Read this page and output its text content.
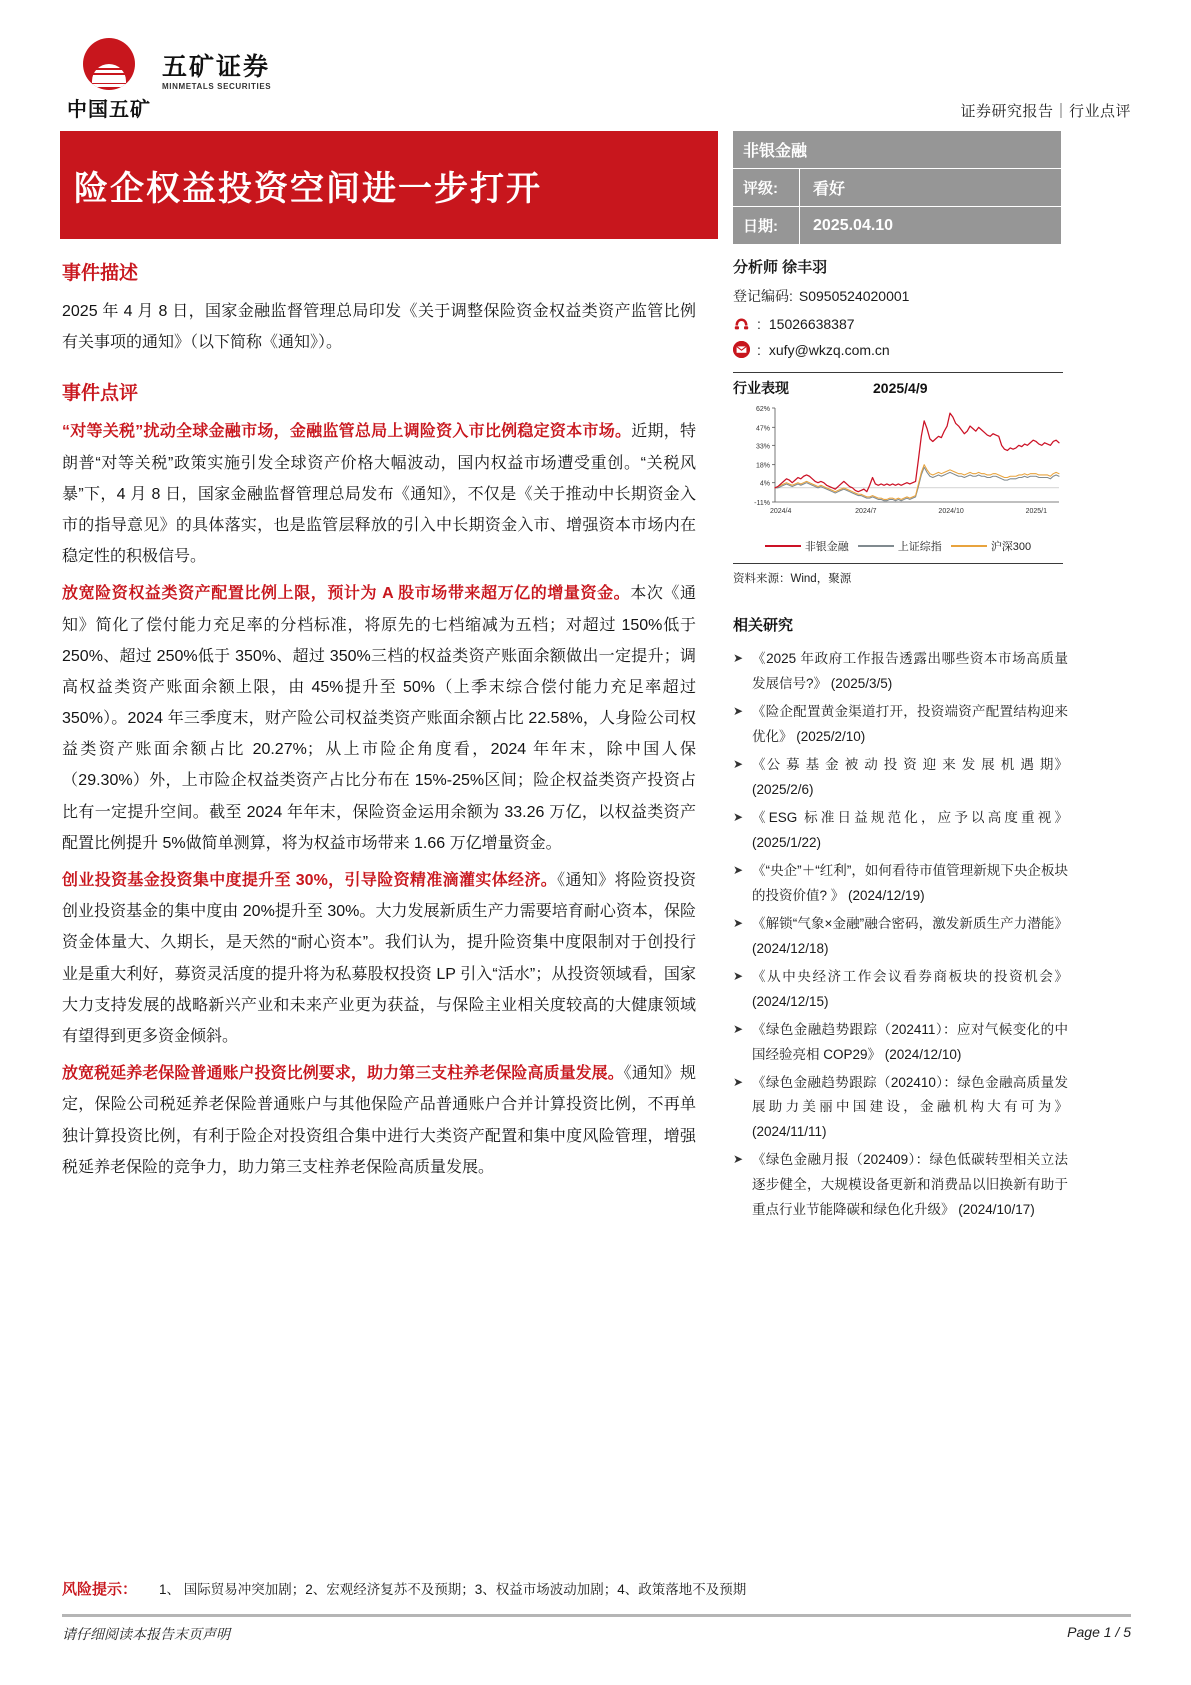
中国五矿
五矿证券
MINMETALS SECURITIES
证券研究报告｜行业点评
险企权益投资空间进一步打开
非银金融
评级:	看好
日期:	2025.04.10
分析师 徐丰羽
登记编码: S0950524020001
: 15026638387
: xufy@wkzq.com.cn
行业表现	2025/4/9
62%
47%
33%
18%
4%
-11%
2024/4	2024/7	2024/10	2025/1
非银金融	上证综指	沪深300
资料来源：Wind，聚源
相关研究
➤ 《2025 年政府工作报告透露出哪些资本市场高质量发展信号?》 (2025/3/5)
➤ 《险企配置黄金渠道打开，投资端资产配置结构迎来优化》 (2025/2/10)
➤ 《公 募 基 金 被 动 投 资 迎 来 发 展 机 遇 期》 (2025/2/6)
➤ 《ESG 标准日益规范化，应予以高度重视》 (2025/1/22)
➤ 《“央企”＋“红利”，如何看待市值管理新规下央企板块的投资价值? 》 (2024/12/19)
➤ 《解锁“气象×金融”融合密码，激发新质生产力潜能》 (2024/12/18)
➤ 《从中央经济工作会议看券商板块的投资机会》 (2024/12/15)
➤ 《绿色金融趋势跟踪（202411）：应对气候变化的中国经验亮相 COP29》 (2024/12/10)
➤ 《绿色金融趋势跟踪（202410）：绿色金融高质量发展助力美丽中国建设，金融机构大有可为》 (2024/11/11)
➤ 《绿色金融月报（202409）：绿色低碳转型相关立法逐步健全，大规模设备更新和消费品以旧换新有助于重点行业节能降碳和绿色化升级》 (2024/10/17)
事件描述

2025 年 4 月 8 日，国家金融监督管理总局印发《关于调整保险资金权益类资产监管比例有关事项的通知》（以下简称《通知》）。

事件点评

“对等关税”扰动全球金融市场，金融监管总局上调险资入市比例稳定资本市场。近期，特朗普“对等关税”政策实施引发全球资产价格大幅波动，国内权益市场遭受重创。“关税风暴”下，4 月 8 日，国家金融监督管理总局发布《通知》，不仅是《关于推动中长期资金入市的指导意见》的具体落实，也是监管层释放的引入中长期资金入市、增强资本市场内在稳定性的积极信号。

放宽险资权益类资产配置比例上限，预计为 A 股市场带来超万亿的增量资金。本次《通知》简化了偿付能力充足率的分档标准，将原先的七档缩减为五档；对超过 150%低于 250%、超过 250%低于 350%、超过 350%三档的权益类资产账面余额做出一定提升；调高权益类资产账面余额上限，由 45%提升至 50%（上季末综合偿付能力充足率超过 350%）。2024 年三季度末，财产险公司权益类资产账面余额占比 22.58%，人身险公司权益类资产账面余额占比 20.27%；从上市险企角度看，2024 年年末，除中国人保（29.30%）外，上市险企权益类资产占比分布在 15%-25%区间；险企权益类资产投资占比有一定提升空间。截至 2024 年年末，保险资金运用余额为 33.26 万亿，以权益类资产配置比例提升 5%做简单测算，将为权益市场带来 1.66 万亿增量资金。

创业投资基金投资集中度提升至 30%，引导险资精准滴灌实体经济。《通知》将险资投资创业投资基金的集中度由 20%提升至 30%。大力发展新质生产力需要培育耐心资本，保险资金体量大、久期长，是天然的“耐心资本”。我们认为，提升险资集中度限制对于创投行业是重大利好，募资灵活度的提升将为私募股权投资 LP 引入“活水”；从投资领域看，国家大力支持发展的战略新兴产业和未来产业更为获益，与保险主业相关度较高的大健康领域有望得到更多资金倾斜。

放宽税延养老保险普通账户投资比例要求，助力第三支柱养老保险高质量发展。《通知》规定，保险公司税延养老保险普通账户与其他保险产品普通账户合并计算投资比例，不再单独计算投资比例，有利于险企对投资组合集中进行大类资产配置和集中度风险管理，增强税延养老保险的竞争力，助力第三支柱养老保险高质量发展。

风险提示： 1、 国际贸易冲突加剧；2、宏观经济复苏不及预期；3、权益市场波动加剧；4、政策落地不及预期
请仔细阅读本报告末页声明	Page 1 / 5
